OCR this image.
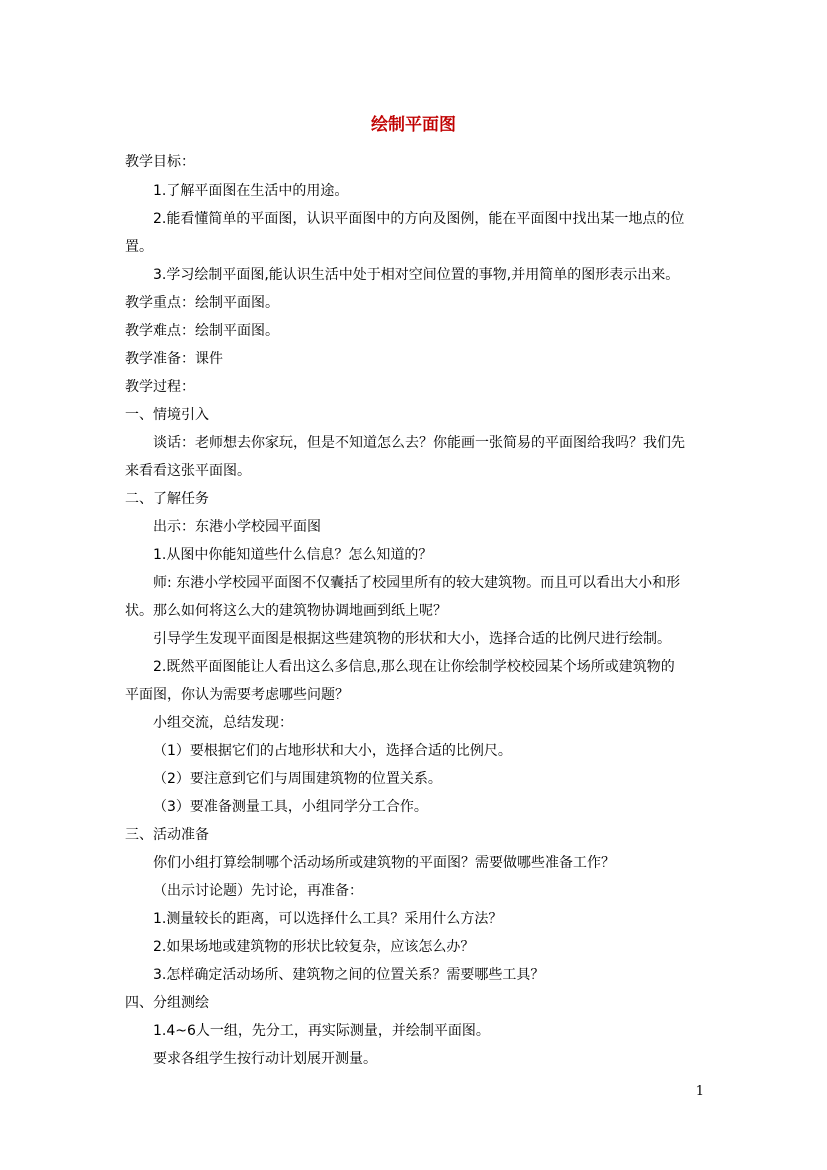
绘制平面图
教学目标：
1.了解平面图在生活中的用途。
2.能看懂简单的平面图，认识平面图中的方向及图例，能在平面图中找出某一地点的位
置。
3.学习绘制平面图,能认识生活中处于相对空间位置的事物,并用简单的图形表示出来。
教学重点：绘制平面图。
教学难点：绘制平面图。
教学准备：课件
教学过程：
一、情境引入
谈话：老师想去你家玩，但是不知道怎么去？你能画一张简易的平面图给我吗？我们先
来看看这张平面图。
二、了解任务
出示：东港小学校园平面图
1.从图中你能知道些什么信息？怎么知道的？
师: 东港小学校园平面图不仅囊括了校园里所有的较大建筑物。而且可以看出大小和形
状。那么如何将这么大的建筑物协调地画到纸上呢？
引导学生发现平面图是根据这些建筑物的形状和大小，选择合适的比例尺进行绘制。
2.既然平面图能让人看出这么多信息,那么现在让你绘制学校校园某个场所或建筑物的
平面图，你认为需要考虑哪些问题？
小组交流，总结发现：
（1）要根据它们的占地形状和大小，选择合适的比例尺。
（2）要注意到它们与周围建筑物的位置关系。
（3）要准备测量工具，小组同学分工合作。
三、活动准备
你们小组打算绘制哪个活动场所或建筑物的平面图？需要做哪些准备工作？
（出示讨论题）先讨论，再准备：
1.测量较长的距离，可以选择什么工具？采用什么方法？
2.如果场地或建筑物的形状比较复杂，应该怎么办？
3.怎样确定活动场所、建筑物之间的位置关系？需要哪些工具？
四、分组测绘
1.4~6人一组，先分工，再实际测量，并绘制平面图。
要求各组学生按行动计划展开测量。
1
